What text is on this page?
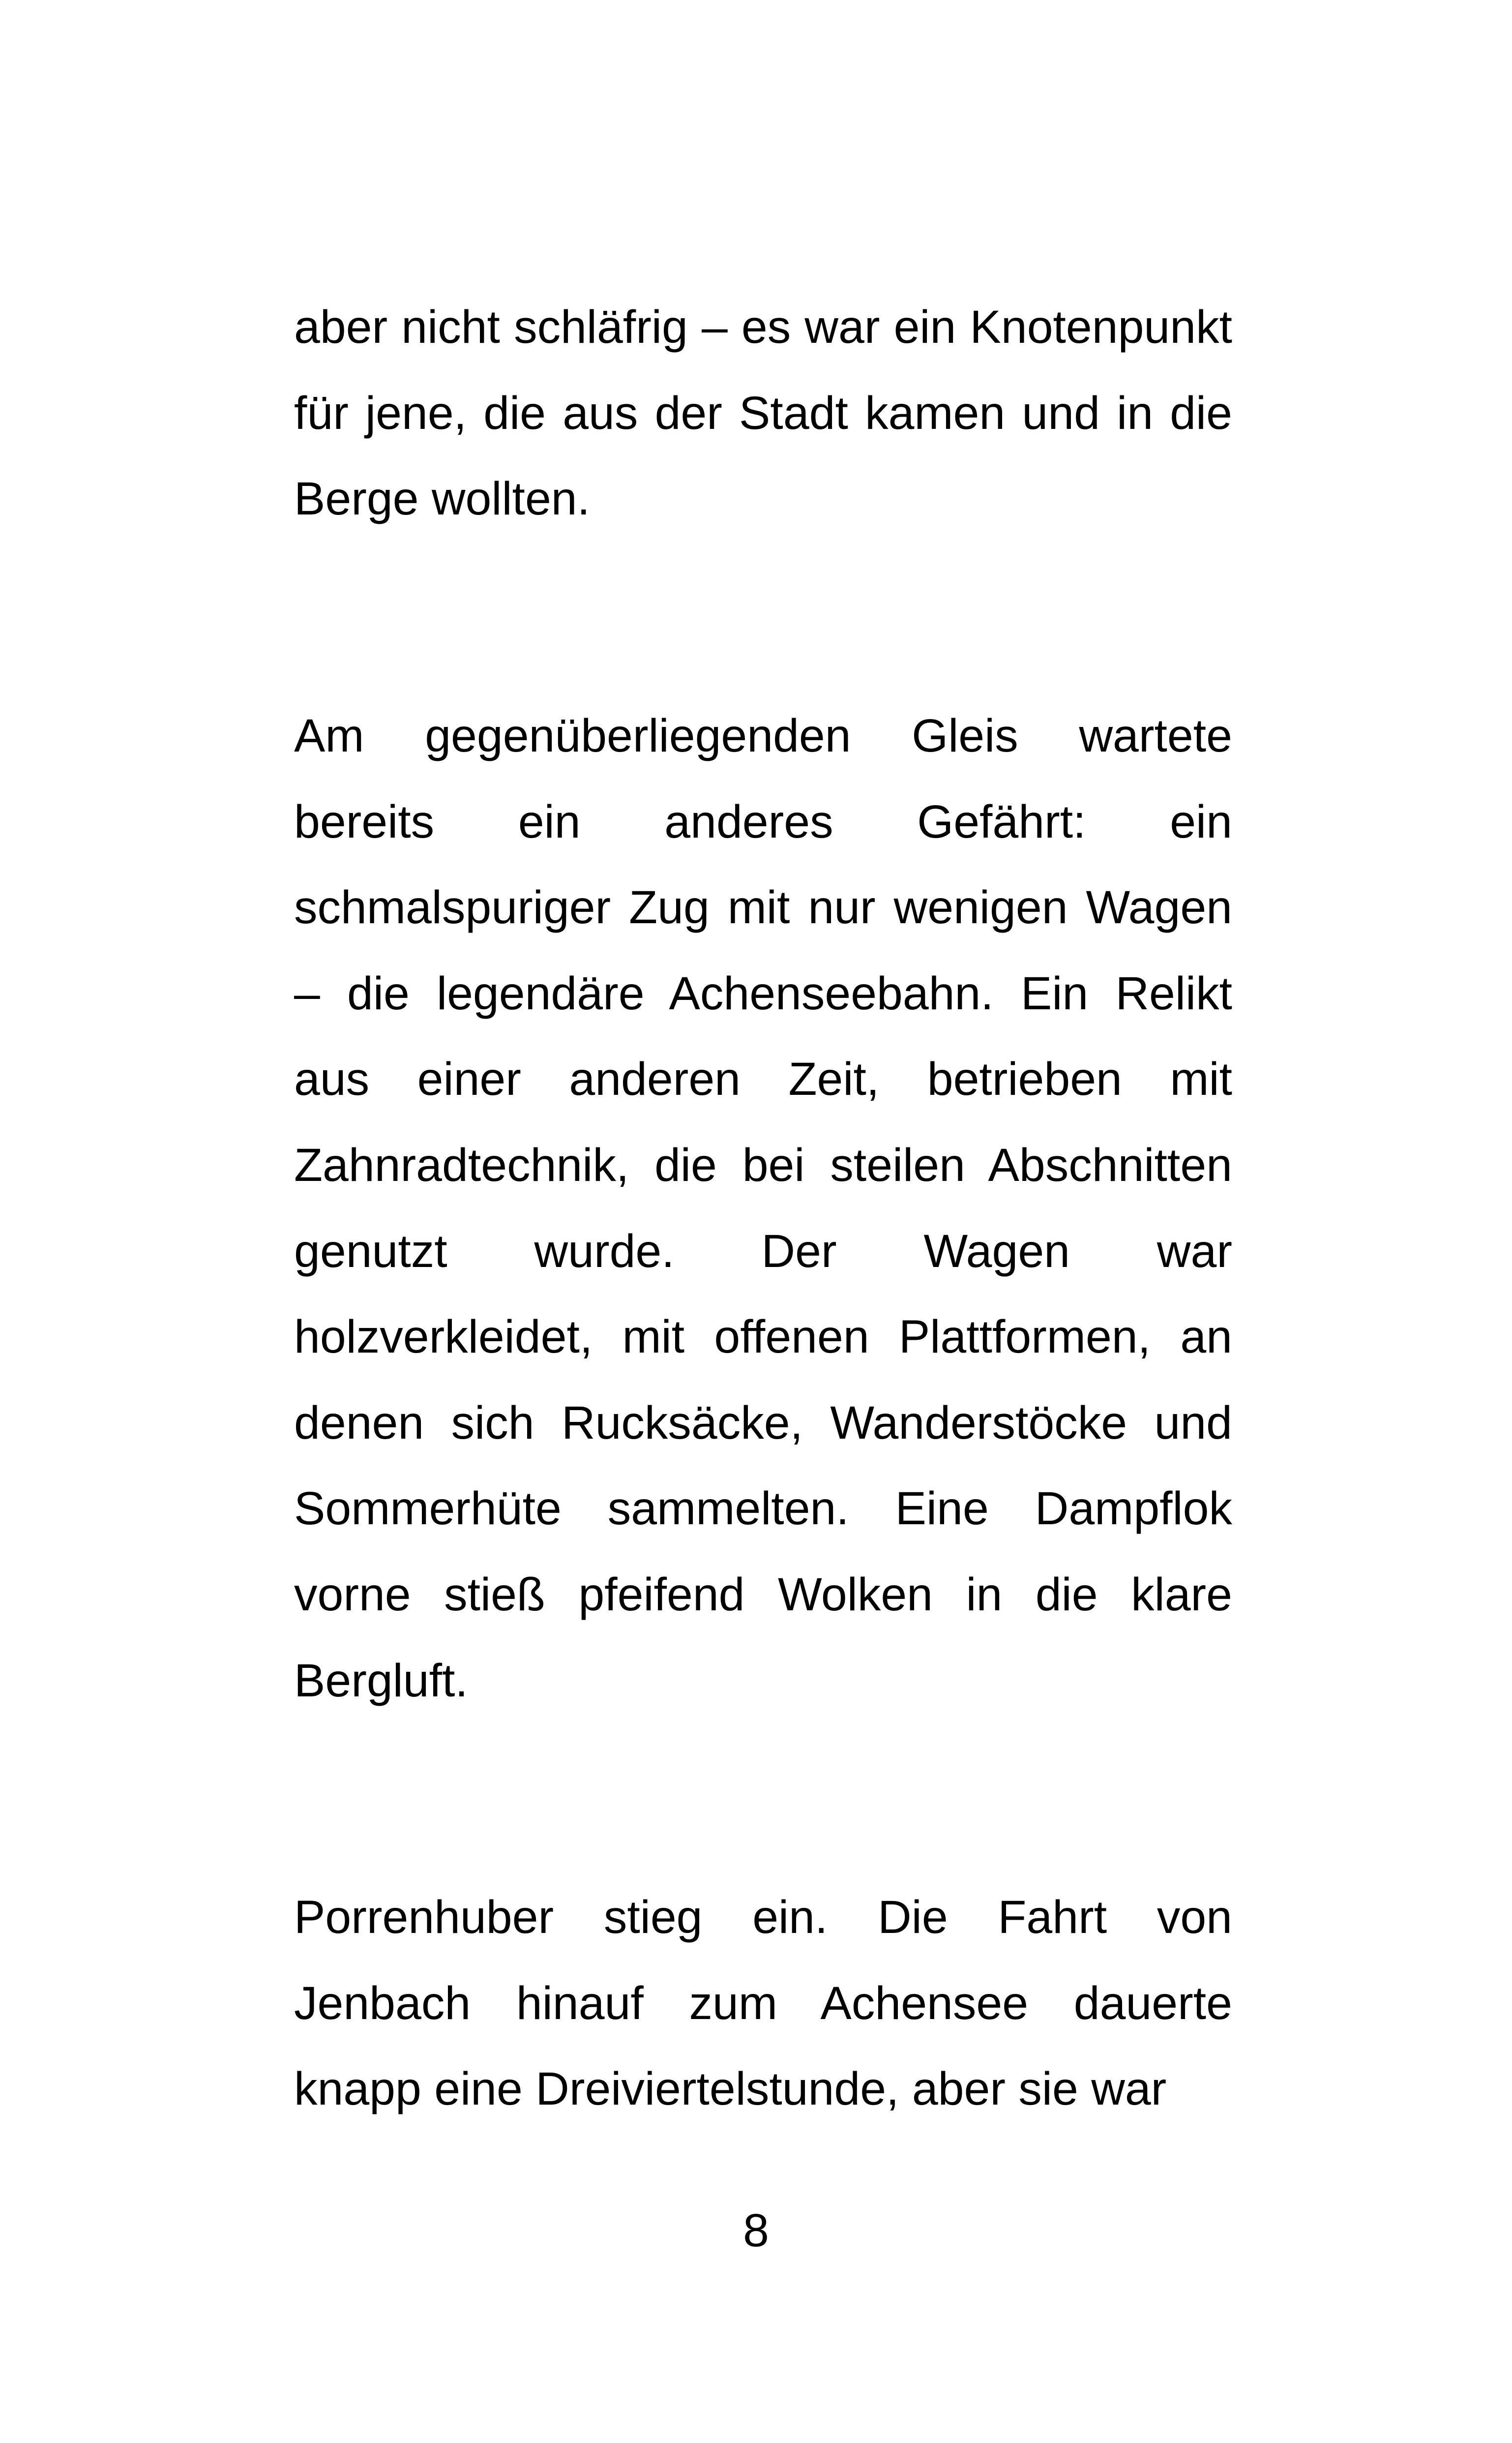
aber nicht schläfrig – es war ein Knotenpunkt für jene, die aus der Stadt kamen und in die Berge wollten.

Am gegenüberliegenden Gleis wartete bereits ein anderes Gefährt: ein schmalspuriger Zug mit nur wenigen Wagen – die legendäre Achenseebahn. Ein Relikt aus einer anderen Zeit, betrieben mit Zahnradtechnik, die bei steilen Abschnitten genutzt wurde. Der Wagen war holzverkleidet, mit offenen Plattformen, an denen sich Rucksäcke, Wanderstöcke und Sommerhüte sammelten. Eine Dampflok vorne stieß pfeifend Wolken in die klare Bergluft.

Porrenhuber stieg ein. Die Fahrt von Jenbach hinauf zum Achensee dauerte knapp eine Dreiviertelstunde, aber sie war

8
